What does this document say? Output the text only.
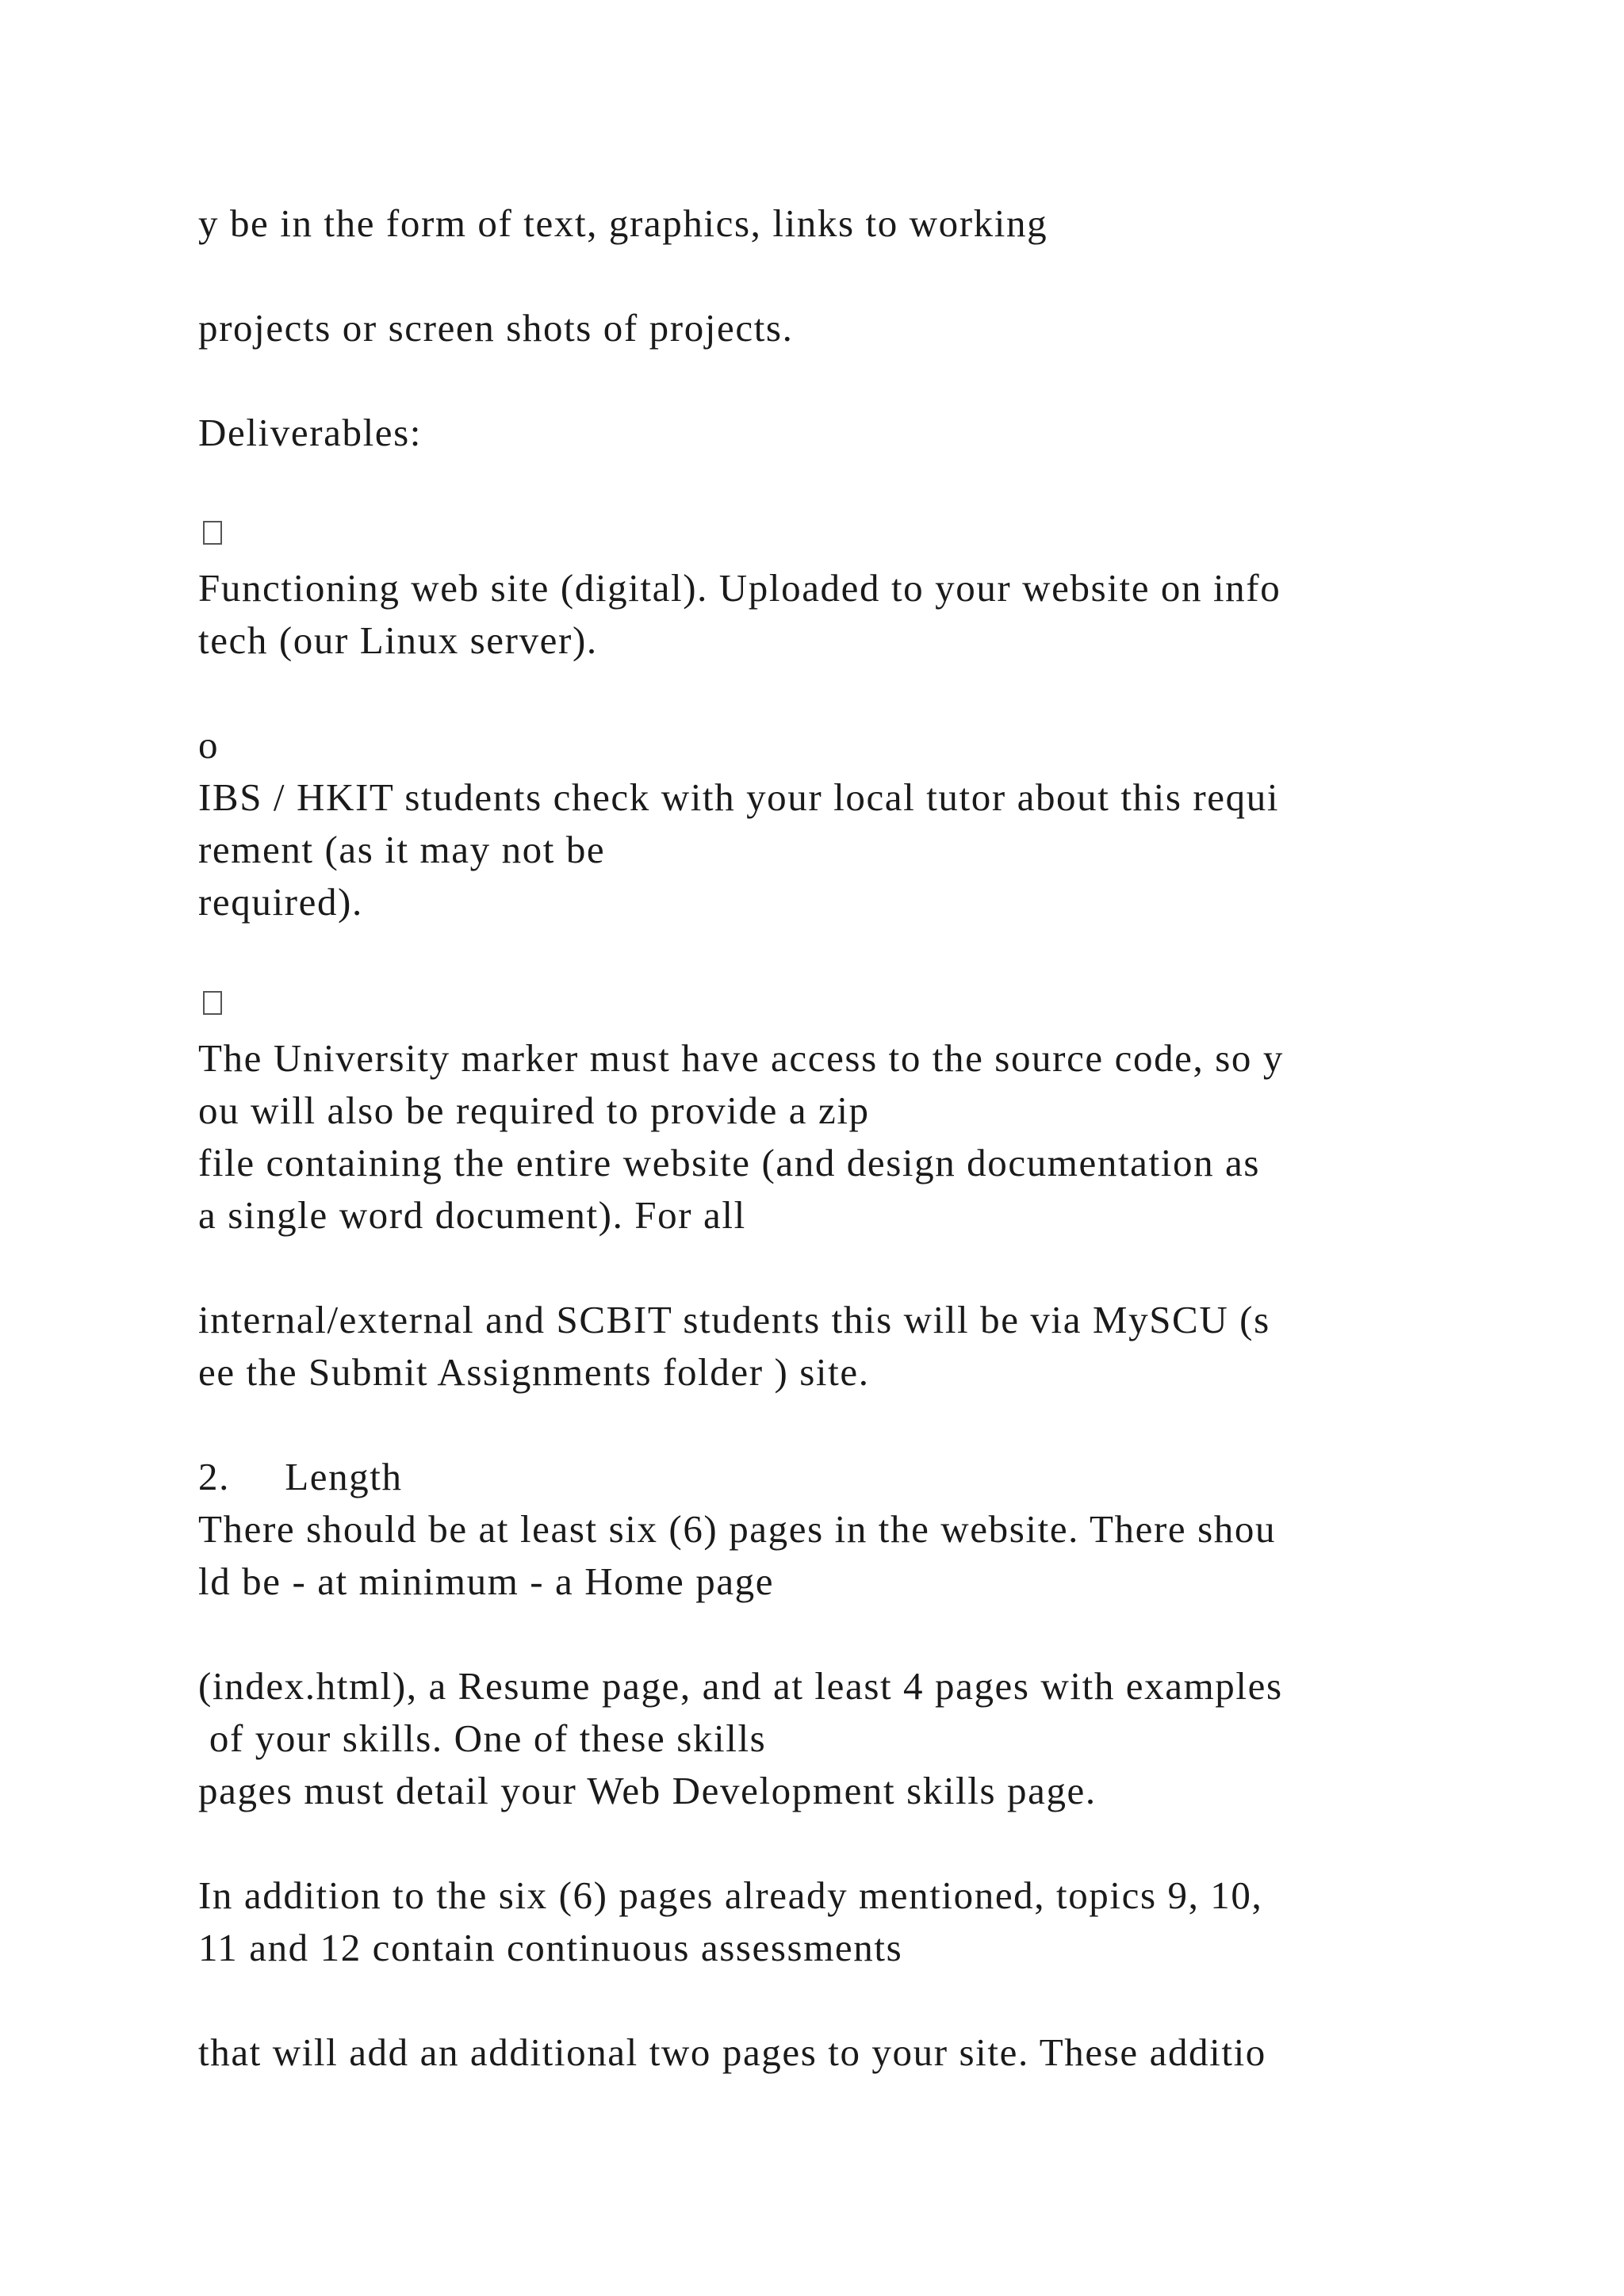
y be in the form of text, graphics, links to working

projects or screen shots of projects.

Deliverables:

Functioning web site (digital). Uploaded to your website on info

tech (our Linux server).

o

IBS / HKIT students check with your local tutor about this requi

rement (as it may not be

required).

The University marker must have access to the source code, so y

ou will also be required to provide a zip

file containing the entire website (and design documentation as

a single word document). For all

internal/external and SCBIT students this will be via MySCU (s

ee the Submit Assignments folder ) site.

2.     Length

There should be at least six (6) pages in the website. There shou

ld be - at minimum - a Home page

(index.html), a Resume page, and at least 4 pages with examples

of your skills. One of these skills

pages must detail your Web Development skills page.

In addition to the six (6) pages already mentioned, topics 9, 10,

11 and 12 contain continuous assessments

that will add an additional two pages to your site. These additio
